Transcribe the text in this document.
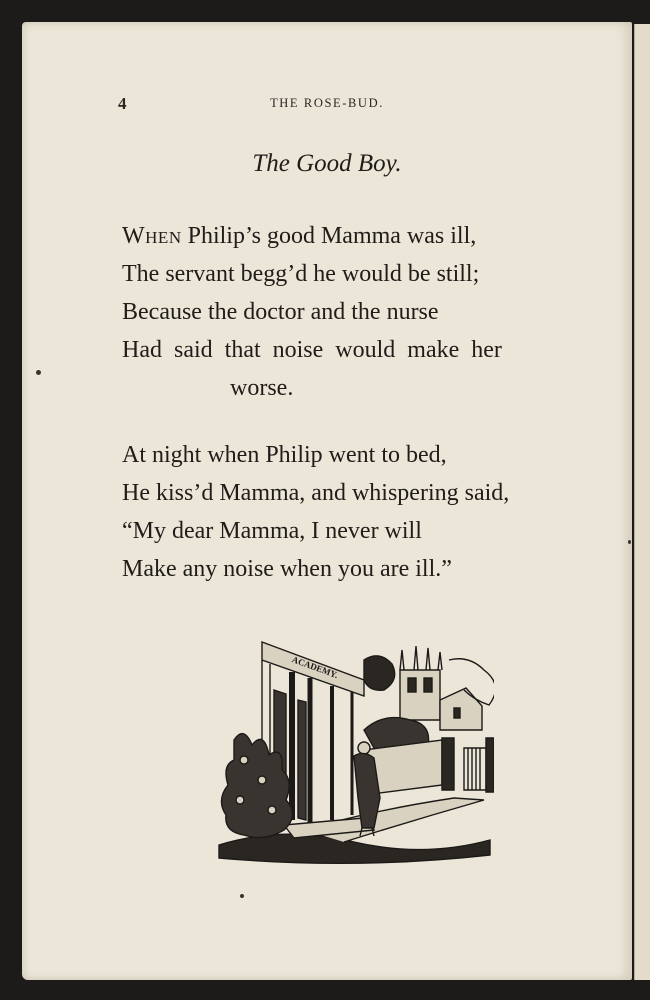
4	THE ROSE-BUD.
The Good Boy.
When Philip’s good Mamma was ill,
The servant begg’d he would be still;
Because the doctor and the nurse
Had said that noise would make her
worse.
At night when Philip went to bed,
He kiss’d Mamma, and whispering said,
“My dear Mamma, I never will
Make any noise when you are ill.”
ACADEMY.
